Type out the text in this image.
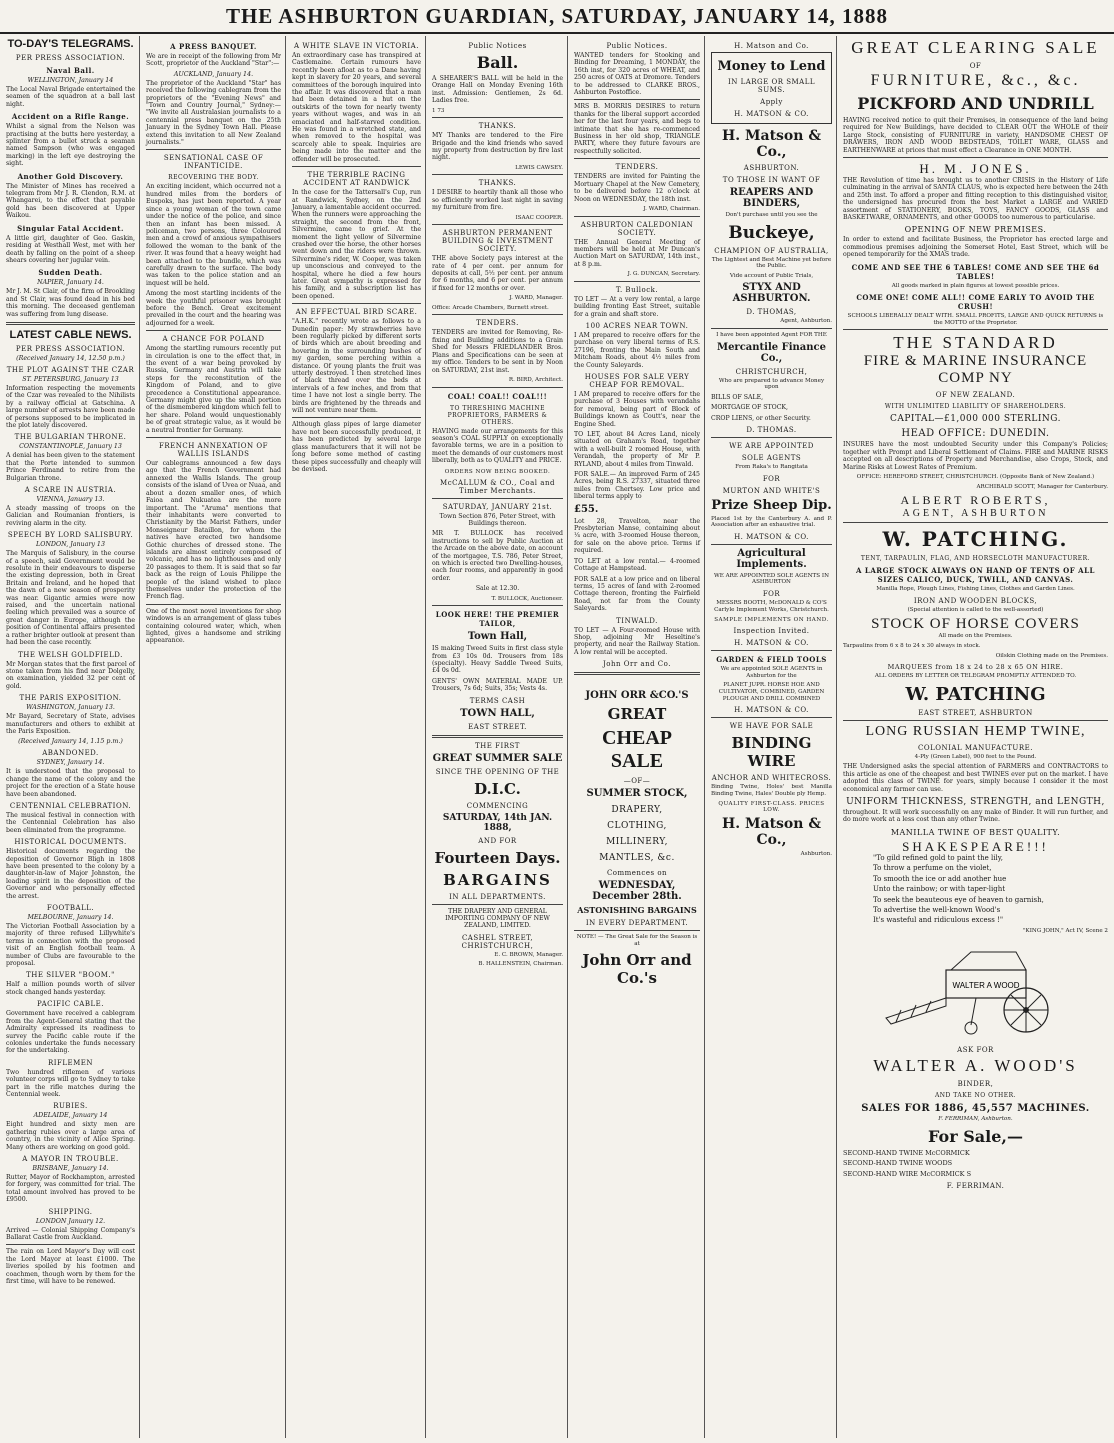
THE ASHBURTON GUARDIAN, SATURDAY, JANUARY 14, 1888
TO-DAY'S TELEGRAMS.
PER PRESS ASSOCIATION.
Naval Ball.
WELLINGTON, January 14
The Local Naval Brigade entertained the seamen of the squadron at a ball last night.
Accident on a Rifle Range.
Whilst a signal from the Nelson was practising at the butts here yesterday, a splinter from a bullet struck a seaman named Sampson (who was engaged marking) in the left eye destroying the sight.
Another Gold Discovery.
The Minister of Mines has received a telegram from Mr J. R. Clendon, R.M. at Whangarei, to the effect that payable gold has been discovered at Upper Waikou.
Singular Fatal Accident.
A little girl, daughter of Geo. Gaskin, residing at Westhall West, met with her death by falling on the point of a sheep shears covering her jugular vein.
Sudden Death.
NAPIER, January 14.
Mr J. M. St Clair, of the firm of Brookling and St Clair, was found dead in his bed this morning. The deceased gentleman was suffering from lung disease.
LATEST CABLE NEWS.
PER PRESS ASSOCIATION.
(Received January 14, 12.50 p.m.)
THE PLOT AGAINST THE CZAR
ST. PETERSBURG, January 13
Information respecting the movements of the Czar was revealed to the Nihilists by a railway official at Gatschina. A large number of arrests have been made of persons supposed to be implicated in the plot lately discovered.
THE BULGARIAN THRONE.
CONSTANTINOPLE, January 13
A denial has been given to the statement that the Porte intended to summon Prince Ferdinand to retire from the Bulgarian throne.
A SCARE IN AUSTRIA.
VIENNA, January 13.
A steady massing of troops on the Galician and Roumanian frontiers, is reviving alarm in the city.
SPEECH BY LORD SALISBURY.
LONDON, January 13
The Marquis of Salisbury, in the course of a speech, said Government would be resolute in their endeavours to disperse the existing depression, both in Great Britain and Ireland, and he hoped that the dawn of a new season of prosperity was near. Gigantic armies were now raised, and the uncertain national feeling which prevailed was a source of great danger in Europe, although the position of Continental affairs presented a rather brighter outlook at present than had been the case recently.
THE WELSH GOLDFIELD.
Mr Morgan states that the first parcel of stone taken from his find near Dolgelly, on examination, yielded 32 per cent of gold.
THE PARIS EXPOSITION.
WASHINGTON, January 13.
Mr Bayard, Secretary of State, advises manufacturers and others to exhibit at the Paris Exposition.
(Received January 14, 1.15 p.m.)
ABANDONED.
SYDNEY, January 14.
It is understood that the proposal to change the name of the colony and the project for the erection of a State house have been abandoned.
CENTENNIAL CELEBRATION.
The musical festival in connection with the Centennial Celebration has also been eliminated from the programme.
HISTORICAL DOCUMENTS.
Historical documents regarding the deposition of Governor Bligh in 1808 have been presented to the colony by a daughter-in-law of Major Johnston, the leading spirit in the deposition of the Governor and who personally effected the arrest.
FOOTBALL.
MELBOURNE, January 14.
The Victorian Football Association by a majority of three refused Lillywhite's terms in connection with the proposed visit of an English football team. A number of Clubs are favourable to the proposal.
THE SILVER "BOOM."
Half a million pounds worth of silver stock changed hands yesterday.
PACIFIC CABLE.
Government have received a cablegram from the Agent-General stating that the Admiralty expressed its readiness to survey the Pacific cable route if the colonies undertake the funds necessary for the undertaking.
RIFLEMEN
Two hundred riflemen of various volunteer corps will go to Sydney to take part in the rifle matches during the Centennial week.
RUBIES.
ADELAIDE, January 14
Eight hundred and sixty men are gathering rubies over a large area of country, in the vicinity of Alice Spring. Many others are working on good gold.
A MAYOR IN TROUBLE.
BRISBANE, January 14.
Rutter, Mayor of Rockhampton, arrested for forgery, was committed for trial. The total amount involved has proved to be £9500.
SHIPPING.
LONDON January 12.
Arrived — Colonial Shipping Company's Ballarat Castle from Auckland.
The rain on Lord Mayor's Day will cost the Lord Mayor at least £1000. The liveries spoiled by his footmen and coachmen, though worn by them for the first time, will have to be renewed.
A PRESS BANQUET.
We are in receipt of the following from Mr Scott, proprietor of the Auckland "Star":—
AUCKLAND, January 14.
The proprietor of the Auckland "Star" has received the following cablegram from the proprietors of the "Evening News" and "Town and Country Journal," Sydney:— "We invite all Australasian journalists to a centennial press banquet on the 25th January in the Sydney Town Hall. Please extend this invitation to all New Zealand journalists."
SENSATIONAL CASE OF INFANTICIDE.
RECOVERING THE BODY.
An exciting incident, which occurred not a hundred miles from the borders of Euspoks, has just been reported. A year since a young woman of the town came under the notice of the police, and since then an infant has been missed. A policeman, two persons, three Coloured men and a crowd of anxious sympathisers followed the woman to the bank of the river. It was found that a heavy weight had been attached to the bundle, which was carefully drawn to the surface. The body was taken to the police station and an inquest will be held.
Among the most startling incidents of the week the youthful prisoner was brought before the Bench. Great excitement prevailed in the court and the hearing was adjourned for a week.
A CHANCE FOR POLAND
Among the startling rumours recently put in circulation is one to the effect that, in the event of a war being provoked by Russia, Germany and Austria will take steps for the reconstitution of the Kingdom of Poland, and to give precedence a Constitutional appearance. Germany might give up the small portion of the dismembered kingdom which fell to her share. Poland would unquestionably be of great strategic value, as it would be a neutral frontier for Germany.
FRENCH ANNEXATION OF WALLIS ISLANDS
Our cablegrams announced a few days ago that the French Government had annexed the Wallis Islands. The group consists of the island of Uvea or Nuaa, and about a dozen smaller ones, of which Faioa and Nukuatea are the more important. The "Aruma" mentions that their inhabitants were converted to Christianity by the Marist Fathers, under Monseigneur Bataillon, for whom the natives have erected two handsome Gothic churches of dressed stone. The islands are almost entirely composed of volcanic, and has no lighthouses and only 20 passages to them. It is said that so far back as the reign of Louis Philippe the people of the island wished to place themselves under the protection of the French flag.
One of the most novel inventions for shop windows is an arrangement of glass tubes containing coloured water, which, when lighted, gives a handsome and striking appearance.
A WHITE SLAVE IN VICTORIA.
An extraordinary case has transpired at Castlemaine. Certain rumours have recently been afloat as to a Dane having kept in slavery for 20 years, and several committees of the borough inquired into the affair. It was discovered that a man had been detained in a hut on the outskirts of the town for nearly twenty years without wages, and was in an emaciated and half-starved condition. He was found in a wretched state, and when removed to the hospital was scarcely able to speak. Inquiries are being made into the matter and the offender will be prosecuted.
THE TERRIBLE RACING ACCIDENT AT RANDWICK
In the case for the Tattersall's Cup, run at Randwick, Sydney, on the 2nd January, a lamentable accident occurred. When the runners were approaching the straight, the second from the front, Silvermine, came to grief. At the moment the light yellow of Silvermine crashed over the horse, the other horses went down and the riders were thrown. Silvermine's rider, W. Cooper, was taken up unconscious and conveyed to the hospital, where he died a few hours later. Great sympathy is expressed for his family, and a subscription list has been opened.
AN EFFECTUAL BIRD SCARE.
"A.H.K." recently wrote as follows to a Dunedin paper: My strawberries have been regularly picked by different sorts of birds which are about breeding and hovering in the surrounding bushes of my garden, some perching within a distance. Of young plants the fruit was utterly destroyed. I then stretched lines of black thread over the beds at intervals of a few inches, and from that time I have not lost a single berry. The birds are frightened by the threads and will not venture near them.
Although glass pipes of large diameter have not been successfully produced, it has been predicted by several large glass manufacturers that it will not be long before some method of casting these pipes successfully and cheaply will be devised.
Public Notices
Ball.
A SHEARER'S BALL will be held in the Orange Hall on Monday Evening 16th inst. Admission: Gentlemen, 2s 6d. Ladies free.
1 73
THANKS.
MY Thanks are tendered to the Fire Brigade and the kind friends who saved my property from destruction by fire last night.
LEWIS CAWSEY.
THANKS.
I DESIRE to heartily thank all those who so efficiently worked last night in saving my furniture from fire.
ISAAC COOPER.
ASHBURTON PERMANENT BUILDING & INVESTMENT SOCIETY.
THE above Society pays interest at the rate of 4 per cent. per annum for deposits at call, 5½ per cent. per annum for 6 months, and 6 per cent. per annum if fixed for 12 months or over.
J. WARD, Manager.
Office: Arcade Chambers, Burnett street.
TENDERS.
TENDERS are invited for Removing, Re-fixing and Building additions to a Grain Shed for Messrs FRIEDLANDER Bros. Plans and Specifications can be seen at my office. Tenders to be sent in by Noon on SATURDAY, 21st inst.
R. BIRD, Architect.
COAL! COAL!! COAL!!!
TO THRESHING MACHINE PROPRIETORS, FARMERS & OTHERS.
HAVING made our arrangements for this season's COAL SUPPLY on exceptionally favorable terms, we are in a position to meet the demands of our customers most liberally, both as to QUALITY and PRICE.
ORDERS NOW BEING BOOKED.
McCALLUM & CO., Coal and Timber Merchants.
SATURDAY, JANUARY 21st.
Town Section 876, Peter Street, with Buildings thereon.
MR T. BULLOCK has received instructions to sell by Public Auction at the Arcade on the above date, on account of the mortgagee, T.S. 786, Peter Street, on which is erected two Dwelling-houses, each four rooms, and apparently in good order.
Sale at 12.30.
T. BULLOCK, Auctioneer.
LOOK HERE! THE PREMIER TAILOR,
Town Hall,
IS making Tweed Suits in first class style from £3 10s 0d. Trousers from 18s (specialty). Heavy Saddle Tweed Suits, £4 0s 0d.
GENTS' OWN MATERIAL MADE UP. Trousers, 7s 6d; Suits, 35s; Vests 4s.
TERMS CASH
TOWN HALL,
EAST STREET.
THE FIRST
GREAT SUMMER SALE
SINCE THE OPENING OF THE
D.I.C.
COMMENCING
SATURDAY, 14th JAN. 1888,
AND FOR
Fourteen Days.
BARGAINS
IN ALL DEPARTMENTS.
THE DRAPERY AND GENERAL IMPORTING COMPANY OF NEW ZEALAND, LIMITED.
CASHEL STREET, CHRISTCHURCH,
E. C. BROWN, Manager.
B. HALLENSTEIN, Chairman.
Public Notices.
WANTED tenders for Stooking and Binding for Dreaming, 1 MONDAY, the 16th inst, for 320 acres of WHEAT, and 250 acres of OATS at Dromore. Tenders to be addressed to CLARKE BROS., Ashburton Postoffice.
MRS B. MORRIS DESIRES to return thanks for the liberal support accorded her for the last four years, and begs to intimate that she has re-commenced Business in her old shop, TRIANGLE PARTY, where they future favours are respectfully solicited.
TENDERS.
TENDERS are invited for Painting the Mortuary Chapel at the New Cemetery, to be delivered before 12 o'clock at Noon on WEDNESDAY, the 18th inst.
J. WARD, Chairman.
ASHBURTON CALEDONIAN SOCIETY.
THE Annual General Meeting of members will be held at Mr Duncan's Auction Mart on SATURDAY, 14th inst., at 8 p.m.
J. G. DUNCAN, Secretary.
T. Bullock.
TO LET — At a very low rental, a large building fronting East Street, suitable for a grain and shaft store.
100 ACRES NEAR TOWN.
I AM prepared to receive offers for the purchase on very liberal terms of R.S. 27196, fronting the Main South and Mitcham Roads, about 4½ miles from the County Saleyards.
HOUSES FOR SALE VERY CHEAP FOR REMOVAL.
I AM prepared to receive offers for the purchase of 3 Houses with verandahs for removal, being part of Block of Buildings known as Coutt's, near the Engine Shed.
TO LET, about 84 Acres Land, nicely situated on Graham's Road, together with a well-built 2 roomed House, with Verandah, the property of Mr P. RYLAND, about 4 miles from Tinwald.
FOR SALE.— An improved Farm of 245 Acres, being R.S. 27337, situated three miles from Chertsey. Low price and liberal terms apply to
£55.
Lot 28, Travelton, near the Presbyterian Manse, containing about ¼ acre, with 3-roomed House thereon, for sale on the above price. Terms if required.
TO LET at a low rental.— 4-roomed Cottage at Hampstead.
FOR SALE at a low price and on liberal terms, 15 acres of land with 2-roomed Cottage thereon, fronting the Fairfield Road, not far from the County Saleyards.
TINWALD.
TO LET — A Four-roomed House with Shop, adjoining Mr Heseltine's property, and near the Railway Station. A low rental will be accepted.
John Orr and Co.
JOHN ORR &CO.'S
GREAT
CHEAP SALE
—OF—
SUMMER STOCK,
DRAPERY,
CLOTHING,
MILLINERY,
MANTLES, &c.
Commences on
WEDNESDAY, December 28th.
ASTONISHING BARGAINS
IN EVERY DEPARTMENT.
NOTE! — The Great Sale for the Season is at
John Orr and Co.'s
H. Matson and Co.
Money to Lend
IN LARGE OR SMALL SUMS.
Apply
H. MATSON & CO.
H. Matson & Co.,
ASHBURTON.
TO THOSE IN WANT OF
REAPERS AND BINDERS,
Don't purchase until you see the
Buckeye,
CHAMPION OF AUSTRALIA,
The Lightest and Best Machine yet before the Public.
Vide account of Public Trials,
STYX AND ASHBURTON.
D. THOMAS,
Agent, Ashburton.
I have been appointed Agent FOR THE
Mercantile Finance Co.,
CHRISTCHURCH,
Who are prepared to advance Money upon
BILLS OF SALE,
MORTGAGE OF STOCK,
CROP LIENS, or other Security.
D. THOMAS.
WE ARE APPOINTED
SOLE AGENTS
From Raka's to Rangitata
FOR
MURTON AND WHITE'S
Prize Sheep Dip.
Placed 1st by the Canterbury A. and P. Association after an exhaustive trial.
H. MATSON & CO.
Agricultural Implements.
WE ARE APPOINTED SOLE AGENTS IN ASHBURTON
FOR
MESSRS BOOTH, McDONALD & CO'S Carlyle Implement Works, Christchurch.
SAMPLE IMPLEMENTS ON HAND.
Inspection Invited.
H. MATSON & CO.
GARDEN & FIELD TOOLS
We are appointed SOLE AGENTS in Ashburton for the
PLANET JUPR. HORSE HOE AND CULTIVATOR, COMBINED, GARDEN PLOUGH AND DRILL COMBINED
H. MATSON & CO.
WE HAVE FOR SALE
BINDING WIRE
ANCHOR AND WHITECROSS.
Binding Twine, Holes' best Manilla Binding Twine, Hales' Double ply Hemp.
QUALITY FIRST-CLASS. PRICES LOW.
H. Matson & Co.,
Ashburton.
GREAT CLEARING SALE
OF
FURNITURE, &c., &c.
PICKFORD AND UNDRILL
HAVING received notice to quit their Premises, in consequence of the land being required for New Buildings, have decided to CLEAR OUT the WHOLE of their Large Stock, consisting of FURNITURE in variety, HANDSOME CHEST OF DRAWERS, IRON AND WOOD BEDSTEADS, TOILET WARE, GLASS and EARTHENWARE at prices that must effect a Clearance in ONE MONTH.
H. M. JONES.
THE Revolution of time has brought us to another CRISIS in the History of Life culminating in the arrival of SANTA CLAUS, who is expected here between the 24th and 25th inst. To afford a proper and fitting reception to this distinguished visitor, the undersigned has procured from the best Market a LARGE and VARIED assortment of STATIONERY, BOOKS, TOYS, FANCY GOODS, GLASS and BASKETWARE, ORNAMENTS, and other GOODS too numerous to particularise.
OPENING OF NEW PREMISES.
In order to extend and facilitate Business, the Proprietor has erected large and commodious premises adjoining the Somerset Hotel, East Street, which will be opened temporarily for the XMAS trade.
COME AND SEE THE 6 TABLES! COME AND SEE THE 6d TABLES!
All goods marked in plain figures at lowest possible prices.
COME ONE! COME ALL!! COME EARLY TO AVOID THE CRUSH!
SCHOOLS LIBERALLY DEALT WITH. SMALL PROFITS, LARGE AND QUICK RETURNS is the MOTTO of the Proprietor.
THE STANDARD
FIRE & MARINE INSURANCE COMP NY
OF NEW ZEALAND.
WITH UNLIMITED LIABILITY OF SHAREHOLDERS.
CAPITAL—£1,000 000 STERLING.
HEAD OFFICE: DUNEDIN.
INSURES have the most undoubted Security under this Company's Policies; together with Prompt and Liberal Settlement of Claims. FIRE and MARINE RISKS accepted on all descriptions of Property and Merchandise, also Crops, Stock, and Marine Risks at Lowest Rates of Premium.
OFFICE: HEREFORD STREET, CHRISTCHURCH. (Opposite Bank of New Zealand.)
ARCHIBALD SCOTT, Manager for Canterbury.
ALBERT ROBERTS,
AGENT, ASHBURTON
W. PATCHING.
TENT, TARPAULIN, FLAG, AND HORSECLOTH MANUFACTURER.
A LARGE STOCK ALWAYS ON HAND OF TENTS OF ALL SIZES CALICO, DUCK, TWILL, AND CANVAS.
Manilla Rope, Plough Lines, Fishing Lines, Clothes and Garden Lines.
IRON AND WOODEN BLOCKS,
(Special attention is called to the well-assorted)
STOCK OF HORSE COVERS
All made on the Premises.
Tarpaulins from 6 x 8 to 24 x 30 always in stock.
Oilskin Clothing made on the Premises.
MARQUEES from 18 x 24 to 28 x 65 ON HIRE.
ALL ORDERS BY LETTER OR TELEGRAM PROMPTLY ATTENDED TO.
W. PATCHING
EAST STREET, ASHBURTON
LONG RUSSIAN HEMP TWINE,
COLONIAL MANUFACTURE.
4-Ply (Green Label), 900 feet to the Pound.
THE Undersigned asks the special attention of FARMERS and CONTRACTORS to this article as one of the cheapest and best TWINES ever put on the market. I have adopted this class of TWINE for years, simply because I consider it the most economical any farmer can use.
UNIFORM THICKNESS, STRENGTH, and LENGTH,
throughout. It will work successfully on any make of Binder. It will run further, and do more work at a less cost than any other Twine.
MANILLA TWINE OF BEST QUALITY.
SHAKESPEARE!!!
"To gild refined gold to paint the lily,
To throw a perfume on the violet,
To smooth the ice or add another hue
Unto the rainbow; or with taper-light
To seek the beauteous eye of heaven to garnish,
To advertise the well-known Wood's
It's wasteful and ridiculous excess !"
"KING JOHN," Act IV, Scene 2
WALTER A WOOD
ASK FOR
WALTER A. WOOD'S
BINDER,
AND TAKE NO OTHER.
SALES FOR 1886, 45,557 MACHINES.
F. FERRIMAN, Ashburton.
For Sale,—
SECOND-HAND TWINE McCORMICK
SECOND-HAND TWINE WOODS
SECOND-HAND WIRE McCORMICK S
F. FERRIMAN.
